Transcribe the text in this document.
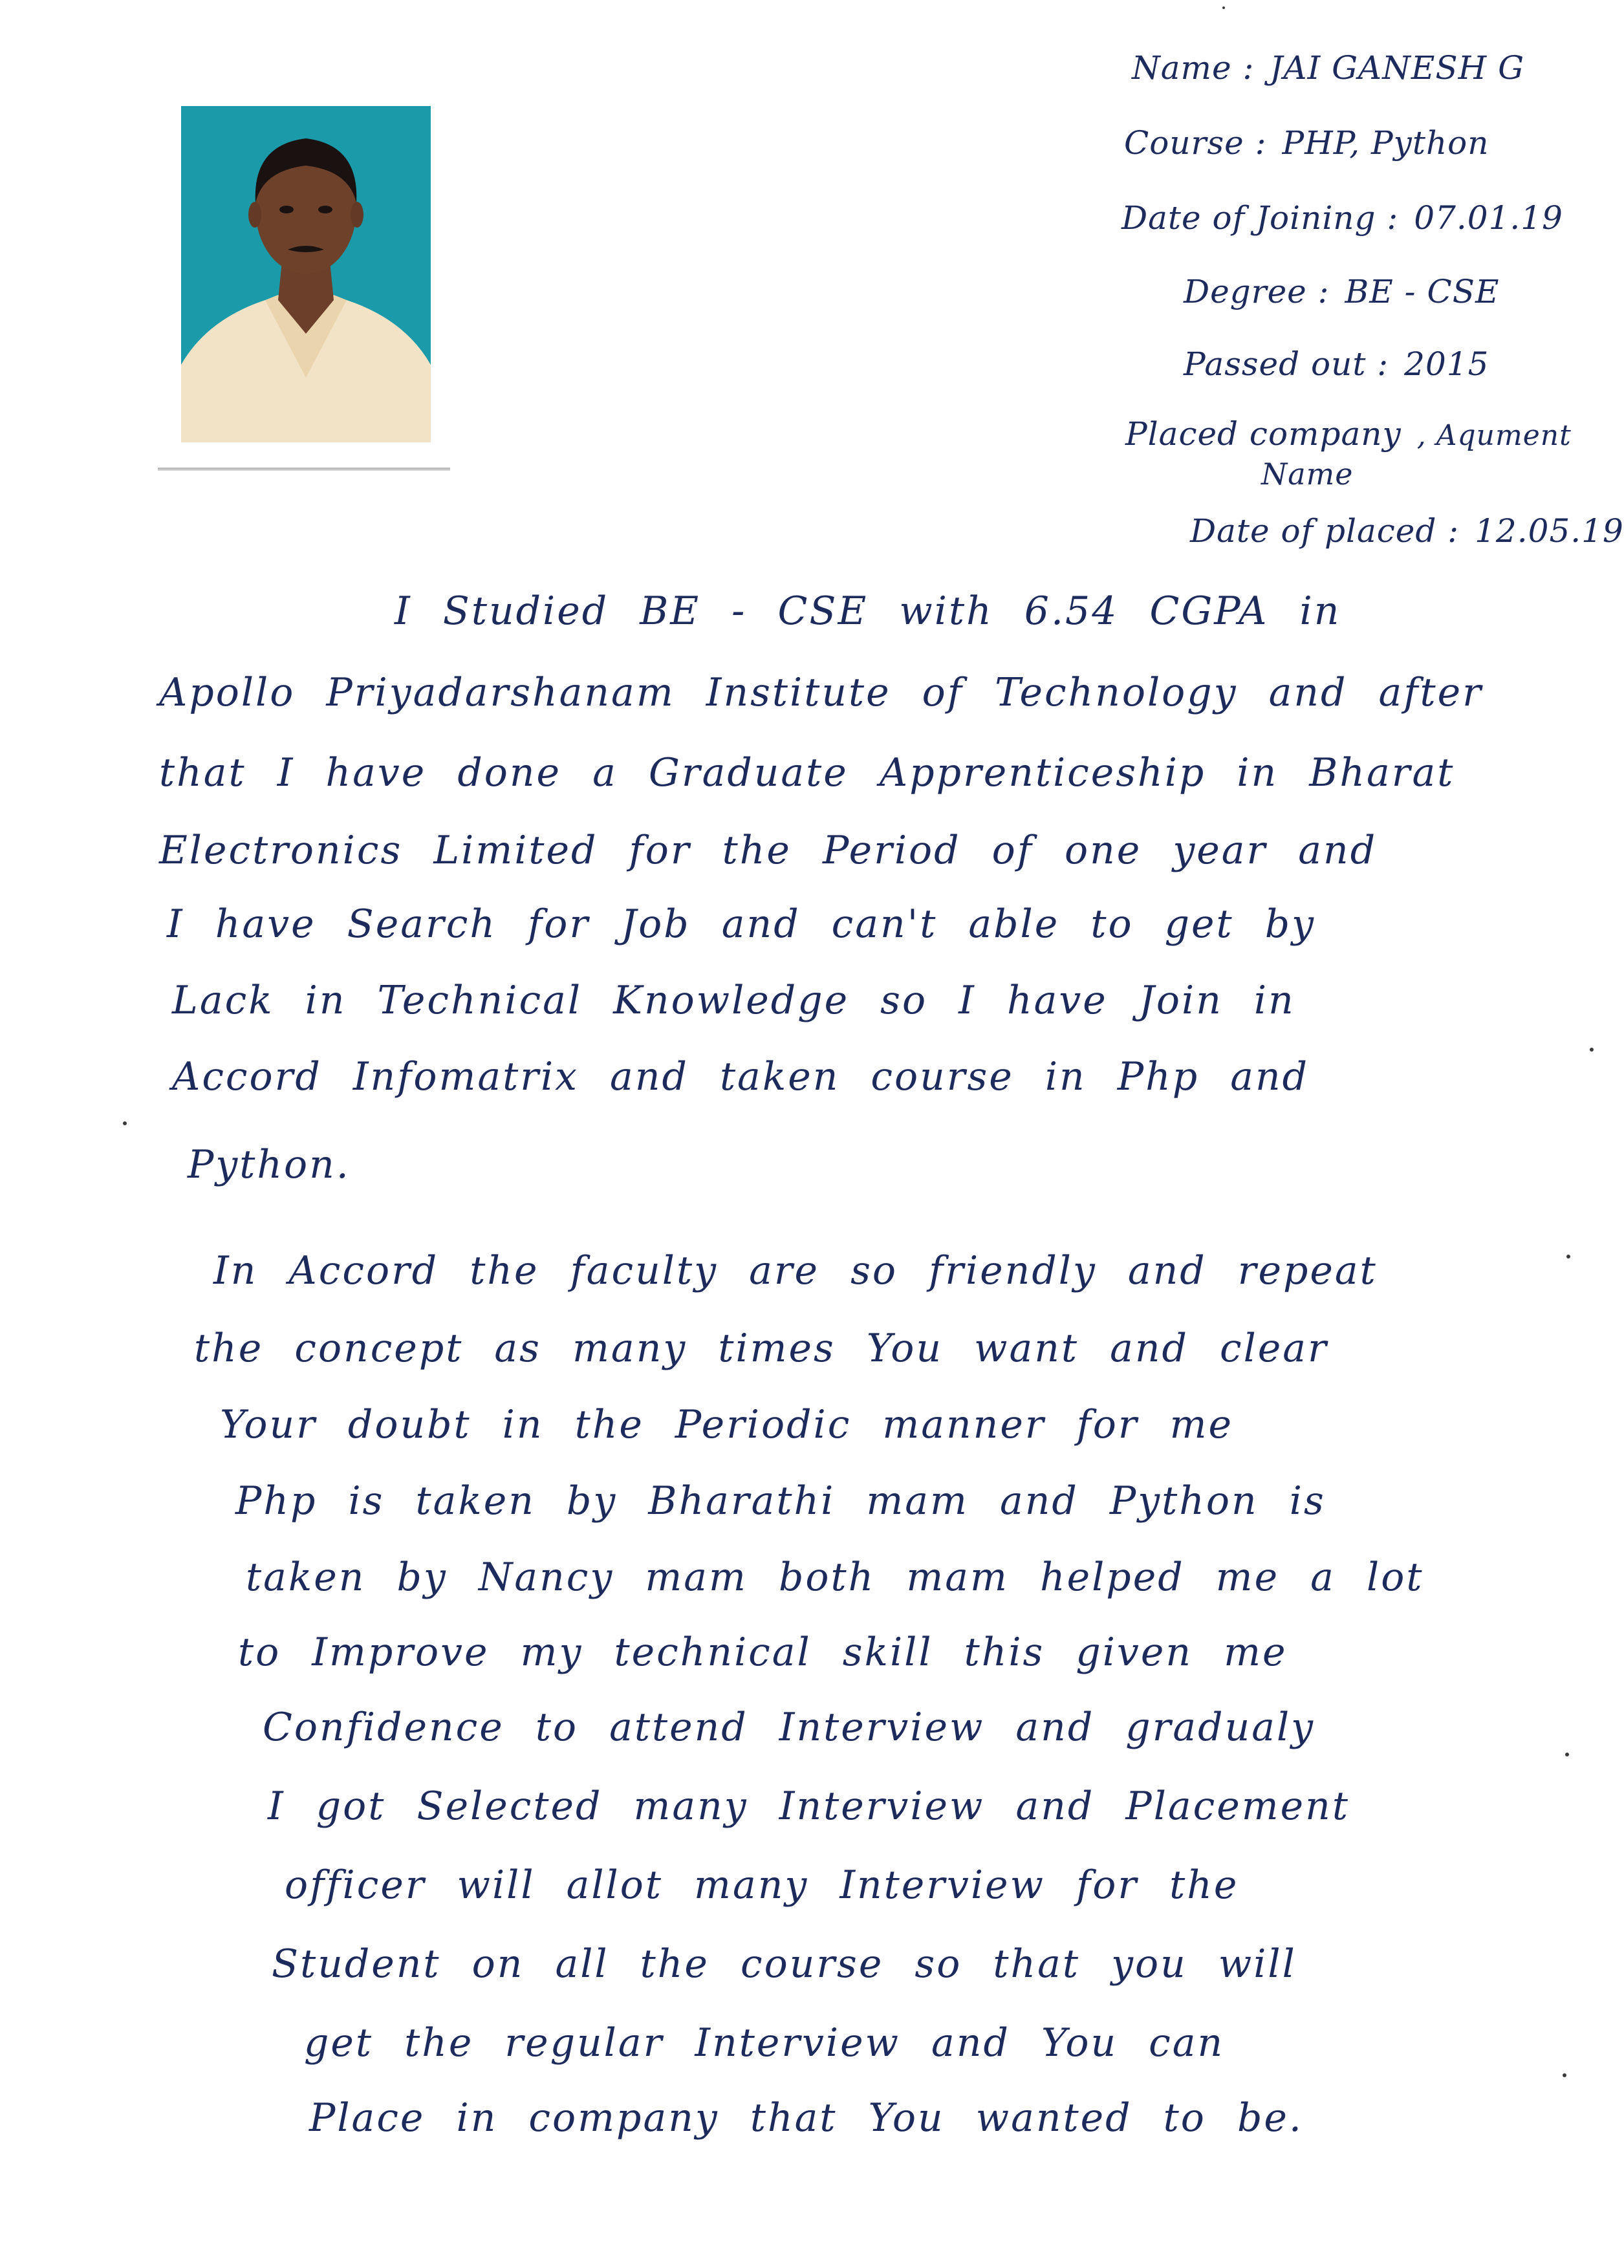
Name : JAI GANESH G
Course : PHP, Python
Date of Joining : 07.01.19
Degree : BE - CSE
Passed out : 2015
Placed company , Aqument
Name
Date of placed : 12.05.19
I Studied BE - CSE with 6.54 CGPA in
Apollo Priyadarshanam Institute of Technology and after
that I have done a Graduate Apprenticeship in Bharat
Electronics Limited for the Period of one year and
I have Search for Job and can't able to get by
Lack in Technical Knowledge so I have Join in
Accord Infomatrix and taken course in Php and
Python.
In Accord the faculty are so friendly and repeat
the concept as many times You want and clear
Your doubt in the Periodic manner for me
Php is taken by Bharathi mam and Python is
taken by Nancy mam both mam helped me a lot
to Improve my technical skill this given me
Confidence to attend Interview and gradualy
I got Selected many Interview and Placement
officer will allot many Interview for the
Student on all the course so that you will
get the regular Interview and You can
Place in company that You wanted to be.
